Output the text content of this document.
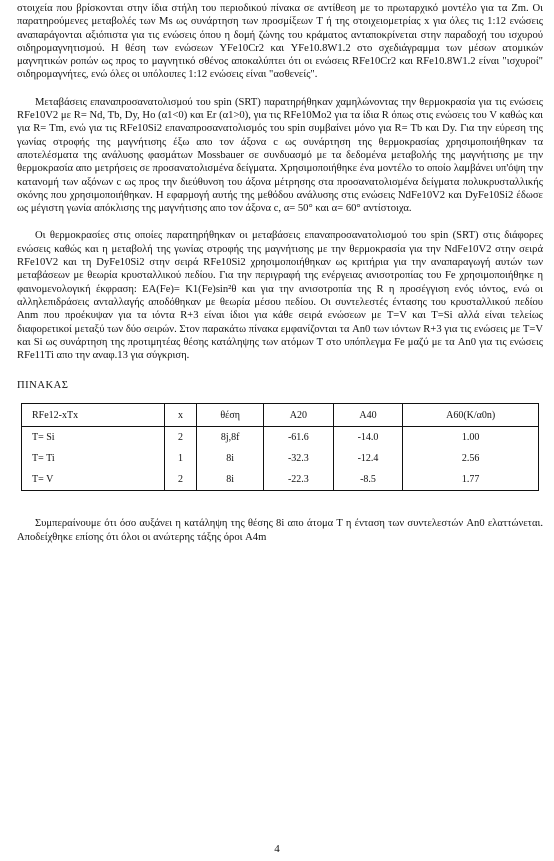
στοιχεία που βρίσκονται στην ίδια στήλη του περιοδικού πίνακα σε αντίθεση με το πρωταρχικό μοντέλο για τα Zm. Οι παρατηρούμενες μεταβολές των Ms ως συνάρτηση των προσμίξεων T ή της στοιχειομετρίας x για όλες τις 1:12 ενώσεις αναπαράγονται αξιόπιστα για τις ενώσεις όπου η δομή ζώνης του κράματος ανταποκρίνεται στην παραδοχή του ισχυρού σιδηρομαγνητισμού. Η θέση των ενώσεων YFe10Cr2 και YFe10.8W1.2 στο σχεδιάγραμμα των μέσων ατομικών μαγνητικών ροπών ως προς το μαγνητικό σθένος αποκαλύπτει ότι οι ενώσεις RFe10Cr2 και RFe10.8W1.2 είναι "ισχυροί" σιδηρομαγνήτες, ενώ όλες οι υπόλοιπες 1:12 ενώσεις είναι "ασθενείς".

Μεταβάσεις επαναπροσανατολισμού του spin (SRT) παρατηρήθηκαν χαμηλώνοντας την θερμοκρασία για τις ενώσεις RFe10V2 με R= Nd, Tb, Dy, Ho (α1<0) και Er (α1>0), για τις RFe10Mo2 για τα ίδια R όπως στις ενώσεις του V καθώς και για R= Tm, ενώ για τις RFe10Si2 επαναπροσανατολισμός του spin συμβαίνει μόνο για R= Tb και Dy. Για την εύρεση της γωνίας στροφής της μαγνήτισης έξω απο τον άξονα c ως συνάρτηση της θερμοκρασίας χρησιμοποιήθηκαν τα αποτελέσματα της ανάλυσης φασμάτων Mossbauer σε συνδυασμό με τα δεδομένα μεταβολής της μαγνήτισης με την θερμοκρασία απο μετρήσεις σε προσανατολισμένα δείγματα. Χρησιμοποιήθηκε ένα μοντέλο το οποίο λαμβάνει υπ'όψη την κατανομή των αξόνων c ως προς την διεύθυνση του άξονα μέτρησης στα προσανατολισμένα δείγματα πολυκρυσταλλικής σκόνης που χρησιμοποιήθηκαν. Η εφαρμογή αυτής της μεθόδου ανάλυσης στις ενώσεις NdFe10V2 και DyFe10Si2 έδωσε ως μέγιστη γωνία απόκλισης της μαγνήτισης απο τον άξονα c, α= 50° και α= 60° αντίστοιχα.

Οι θερμοκρασίες στις οποίες παρατηρήθηκαν οι μεταβάσεις επαναπροσανατολισμού του spin (SRT) στις διάφορες ενώσεις καθώς και η μεταβολή της γωνίας στροφής της μαγνήτισης με την θερμοκρασία για την NdFe10V2 στην σειρά RFe10V2 και τη DyFe10Si2 στην σειρά RFe10Si2 χρησιμοποιήθηκαν ως κριτήρια για την αναπαραγωγή αυτών των μεταβάσεων με θεωρία κρυσταλλικού πεδίου. Για την περιγραφή της ενέργειας ανισοτροπίας του Fe χρησιμοποιήθηκε η φαινομενολογική έκφραση: EA(Fe)= K1(Fe)sin²θ και για την ανισοτροπία της R η προσέγγιση ενός ιόντος, ενώ οι αλληλεπιδράσεις ανταλλαγής αποδόθηκαν με θεωρία μέσου πεδίου. Οι συντελεστές έντασης του κρυσταλλικού πεδίου Anm που προέκυψαν για τα ιόντα R+3 είναι ίδιοι για κάθε σειρά ενώσεων με T=V και T=Si αλλά είναι τελείως διαφορετικοί μεταξύ των δύο σειρών. Στον παρακάτω πίνακα εμφανίζονται τα An0 των ιόντων R+3 για τις ενώσεις με T=V και Si ως συνάρτηση της προτιμητέας θέσης κατάληψης των ατόμων T στο υπόπλεγμα Fe μαζύ με τα An0 για τις ενώσεις RFe11Ti απο την αναφ.13 για σύγκριση.

ΠΙΝΑΚΑΣ
RFe12-xTx	x	θέση	A20	A40	A60(K/α0n)
T= Si	2	8j,8f	-61.6	-14.0	1.00
T= Ti	1	8i	-32.3	-12.4	2.56
T= V	2	8i	-22.3	-8.5	1.77

Συμπεραίνουμε ότι όσο αυξάνει η κατάληψη της θέσης 8i απο άτομα T η ένταση των συντελεστών An0 ελαττώνεται. Αποδείχθηκε επίσης ότι όλοι οι ανώτερης τάξης όροι A4m

4
